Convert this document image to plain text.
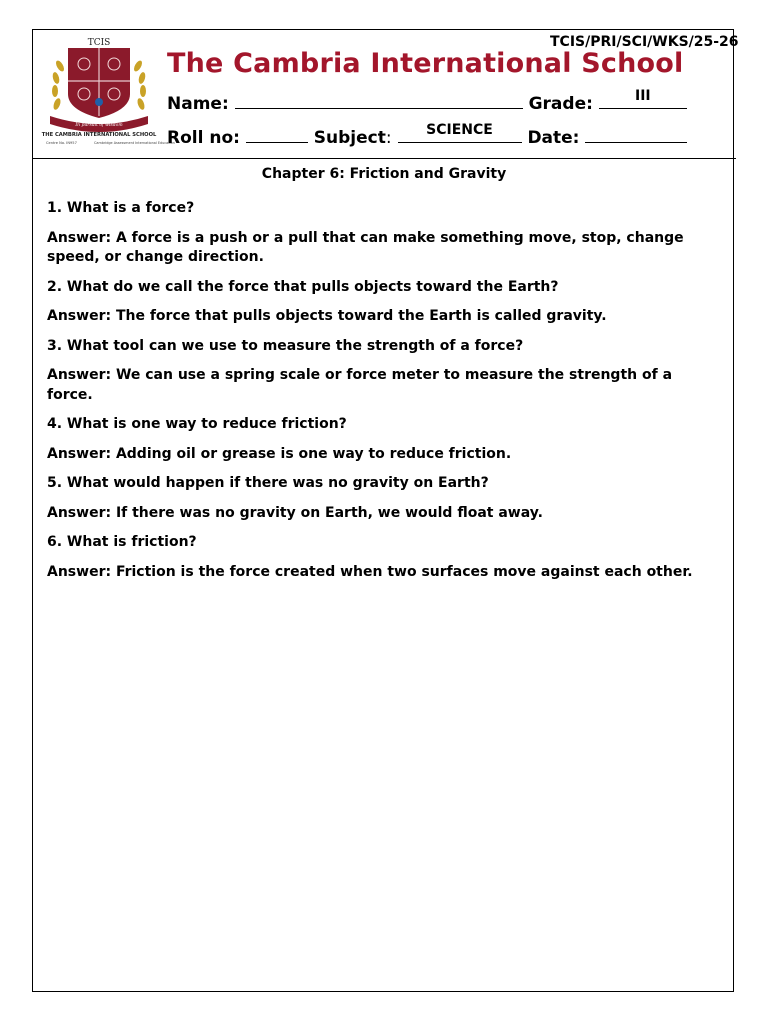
TCIS/PRI/SCI/WKS/25-26
TCIS
In pursuit of wisdom
THE CAMBRIA INTERNATIONAL SCHOOL
Centre No. IN957	Cambridge Assessment International Education
The Cambria International School
Name:	Grade:	III
Roll no:	Subject:	SCIENCE	Date:
Chapter 6: Friction and Gravity

1. What is a force?

Answer: A force is a push or a pull that can make something move, stop, change speed, or change direction.

2. What do we call the force that pulls objects toward the Earth?

Answer: The force that pulls objects toward the Earth is called gravity.

3. What tool can we use to measure the strength of a force?

Answer: We can use a spring scale or force meter to measure the strength of a force.

4. What is one way to reduce friction?

Answer: Adding oil or grease is one way to reduce friction.

5. What would happen if there was no gravity on Earth?

Answer: If there was no gravity on Earth, we would float away.

6. What is friction?

Answer: Friction is the force created when two surfaces move against each other.
